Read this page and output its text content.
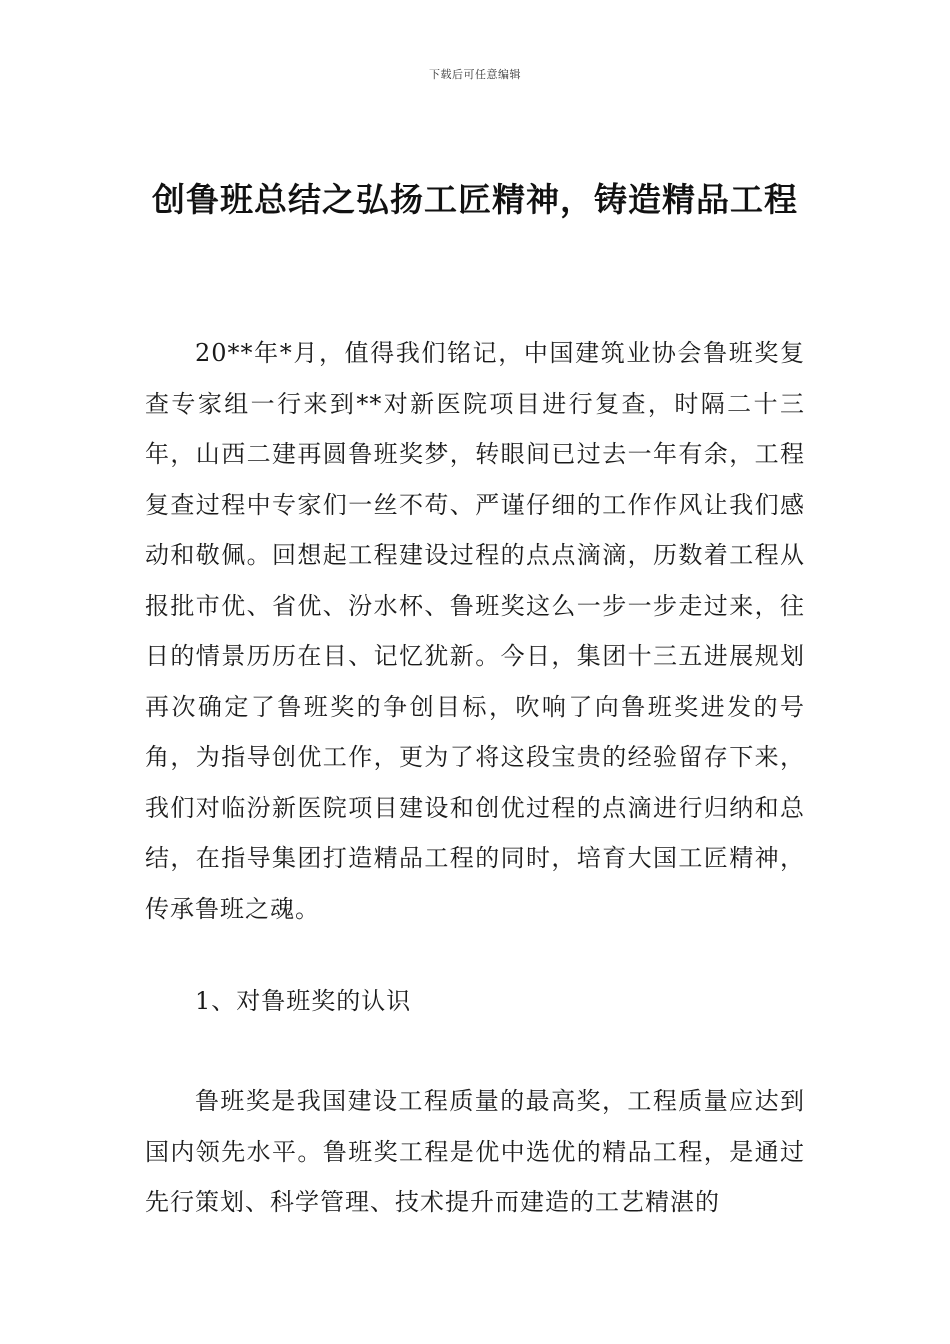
下载后可任意编辑
创鲁班总结之弘扬工匠精神，铸造精品工程
20**年*月，值得我们铭记，中国建筑业协会鲁班奖复查专家组一行来到**对新医院项目进行复查，时隔二十三年，山西二建再圆鲁班奖梦，转眼间已过去一年有余，工程复查过程中专家们一丝不苟、严谨仔细的工作作风让我们感动和敬佩。回想起工程建设过程的点点滴滴，历数着工程从报批市优、省优、汾水杯、鲁班奖这么一步一步走过来，往日的情景历历在目、记忆犹新。今日，集团十三五进展规划再次确定了鲁班奖的争创目标，吹响了向鲁班奖进发的号角，为指导创优工作，更为了将这段宝贵的经验留存下来，我们对临汾新医院项目建设和创优过程的点滴进行归纳和总结，在指导集团打造精品工程的同时，培育大国工匠精神，传承鲁班之魂。
1、对鲁班奖的认识
鲁班奖是我国建设工程质量的最高奖，工程质量应达到国内领先水平。鲁班奖工程是优中选优的精品工程，是通过先行策划、科学管理、技术提升而建造的工艺精湛的
